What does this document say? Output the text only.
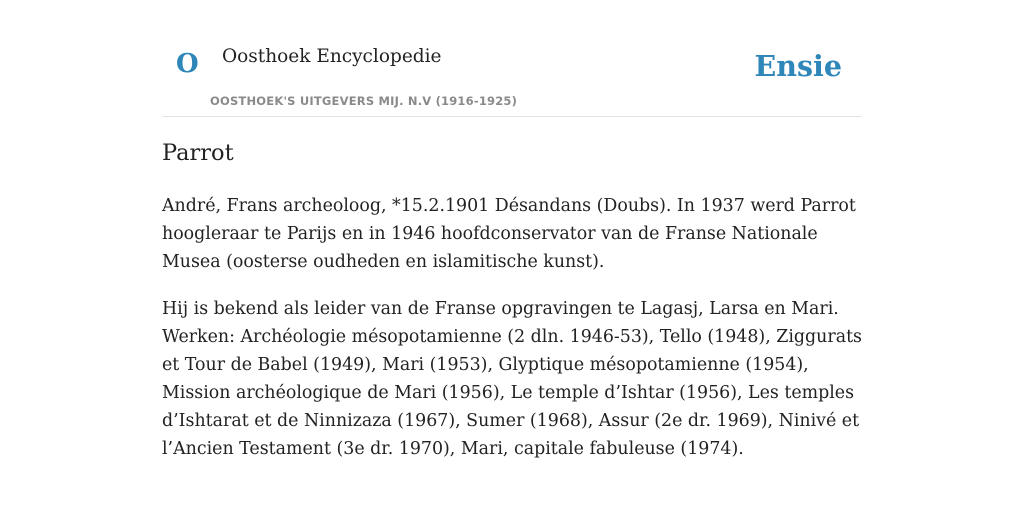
O Oosthoek Encyclopedie
OOSTHOEK'S UITGEVERS MIJ. N.V (1916-1925)
Ensie
Parrot

André, Frans archeoloog, *15.2.1901 Désandans (Doubs). In 1937 werd Parrot hoogleraar te Parijs en in 1946 hoofdconservator van de Franse Nationale Musea (oosterse oudheden en islamitische kunst).

Hij is bekend als leider van de Franse opgravingen te Lagasj, Larsa en Mari. Werken: Archéologie mésopotamienne (2 dln. 1946-53), Tello (1948), Ziggurats et Tour de Babel (1949), Mari (1953), Glyptique mésopotamienne (1954), Mission archéologique de Mari (1956), Le temple d’Ishtar (1956), Les temples d’Ishtarat et de Ninnizaza (1967), Sumer (1968), Assur (2e dr. 1969), Ninivé et l’Ancien Testament (3e dr. 1970), Mari, capitale fabuleuse (1974).
